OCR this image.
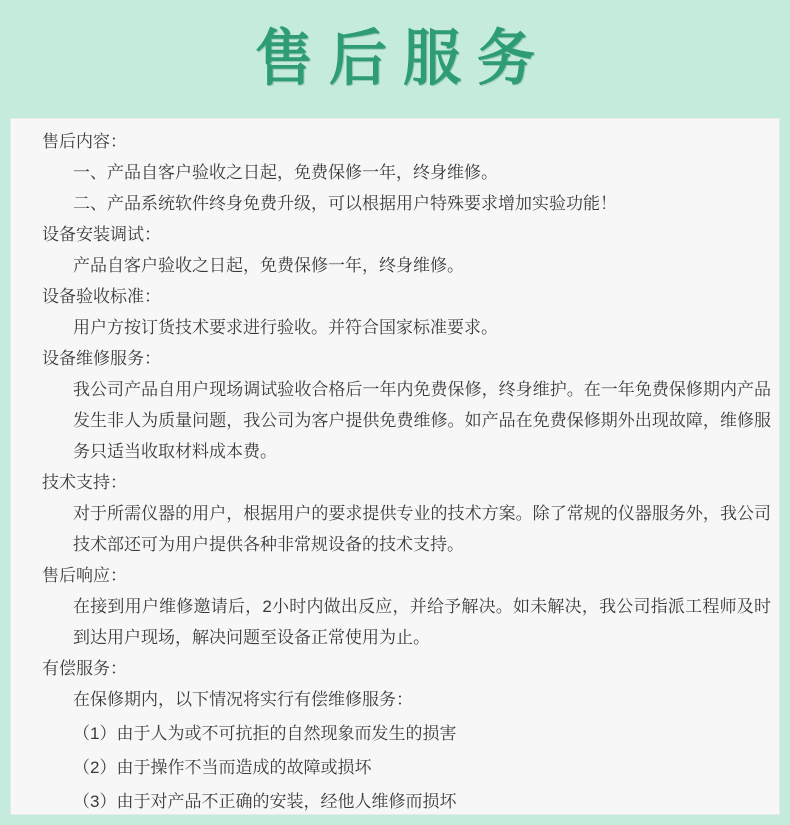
售后服务
售后内容：

一、产品自客户验收之日起，免费保修一年，终身维修。

二、产品系统软件终身免费升级，可以根据用户特殊要求增加实验功能！

设备安装调试：

产品自客户验收之日起，免费保修一年，终身维修。

设备验收标准：

用户方按订货技术要求进行验收。并符合国家标准要求。

设备维修服务：

我公司产品自用户现场调试验收合格后一年内免费保修，终身维护。在一年免费保修期内产品发生非人为质量问题，我公司为客户提供免费维修。如产品在免费保修期外出现故障，维修服务只适当收取材料成本费。

技术支持：

对于所需仪器的用户，根据用户的要求提供专业的技术方案。除了常规的仪器服务外，我公司技术部还可为用户提供各种非常规设备的技术支持。

售后响应：

在接到用户维修邀请后，2小时内做出反应，并给予解决。如未解决，我公司指派工程师及时到达用户现场，解决问题至设备正常使用为止。

有偿服务：

在保修期内，以下情况将实行有偿维修服务：

（1）由于人为或不可抗拒的自然现象而发生的损害

（2）由于操作不当而造成的故障或损坏

（3）由于对产品不正确的安装，经他人维修而损坏
